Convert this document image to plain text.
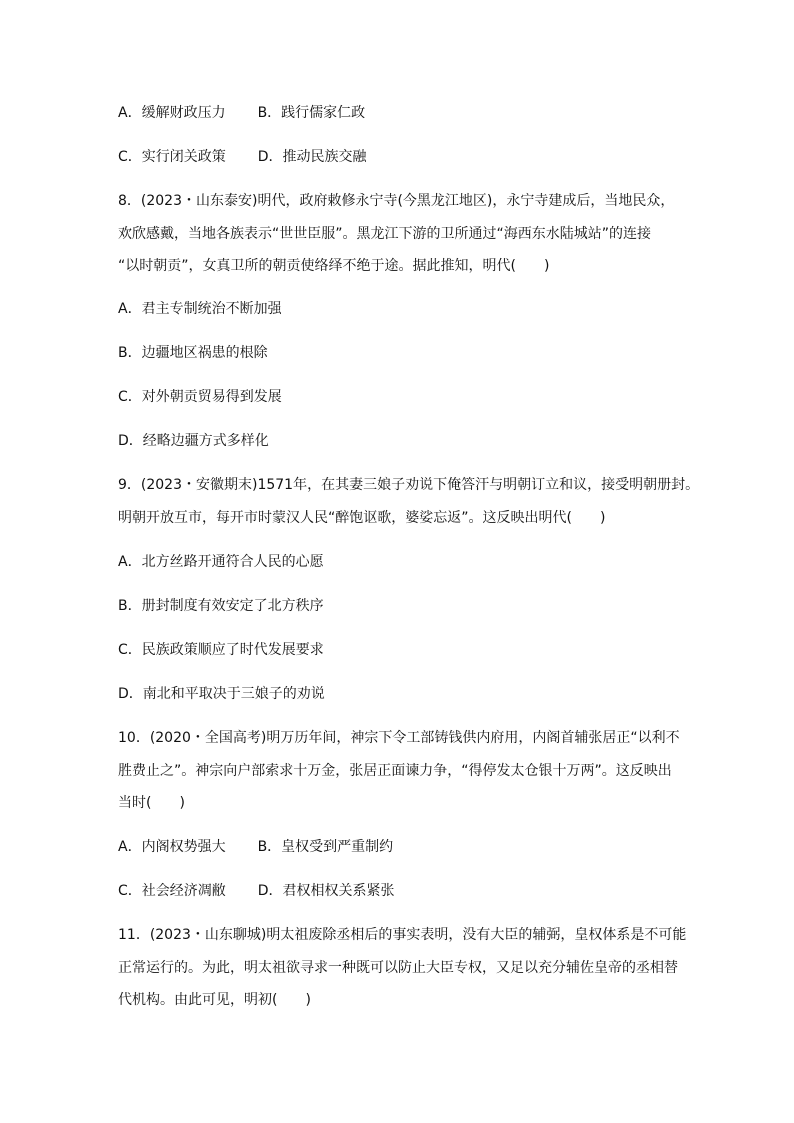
A．缓解财政压力 B．践行儒家仁政
C．实行闭关政策 D．推动民族交融
8．(2023・山东泰安)明代，政府敕修永宁寺(今黑龙江地区)，永宁寺建成后，当地民众，
欢欣感戴，当地各族表示“世世臣服”。黑龙江下游的卫所通过“海西东水陆城站”的连接
“以时朝贡”，女真卫所的朝贡使络绎不绝于途。据此推知，明代(　　)
A．君主专制统治不断加强
B．边疆地区祸患的根除
C．对外朝贡贸易得到发展
D．经略边疆方式多样化
9．(2023・安徽期末)1571年，在其妻三娘子劝说下俺答汗与明朝订立和议，接受明朝册封。
明朝开放互市，每开市时蒙汉人民“醉饱讴歌，婆娑忘返”。这反映出明代(　　)
A．北方丝路开通符合人民的心愿
B．册封制度有效安定了北方秩序
C．民族政策顺应了时代发展要求
D．南北和平取决于三娘子的劝说
10．(2020・全国高考)明万历年间，神宗下令工部铸钱供内府用，内阁首辅张居正“以利不
胜费止之”。神宗向户部索求十万金，张居正面谏力争，“得停发太仓银十万两”。这反映出
当时(　　)
A．内阁权势强大 B．皇权受到严重制约
C．社会经济凋敝 D．君权相权关系紧张
11．(2023・山东聊城)明太祖废除丞相后的事实表明，没有大臣的辅弼，皇权体系是不可能
正常运行的。为此，明太祖欲寻求一种既可以防止大臣专权，又足以充分辅佐皇帝的丞相替
代机构。由此可见，明初(　　)
